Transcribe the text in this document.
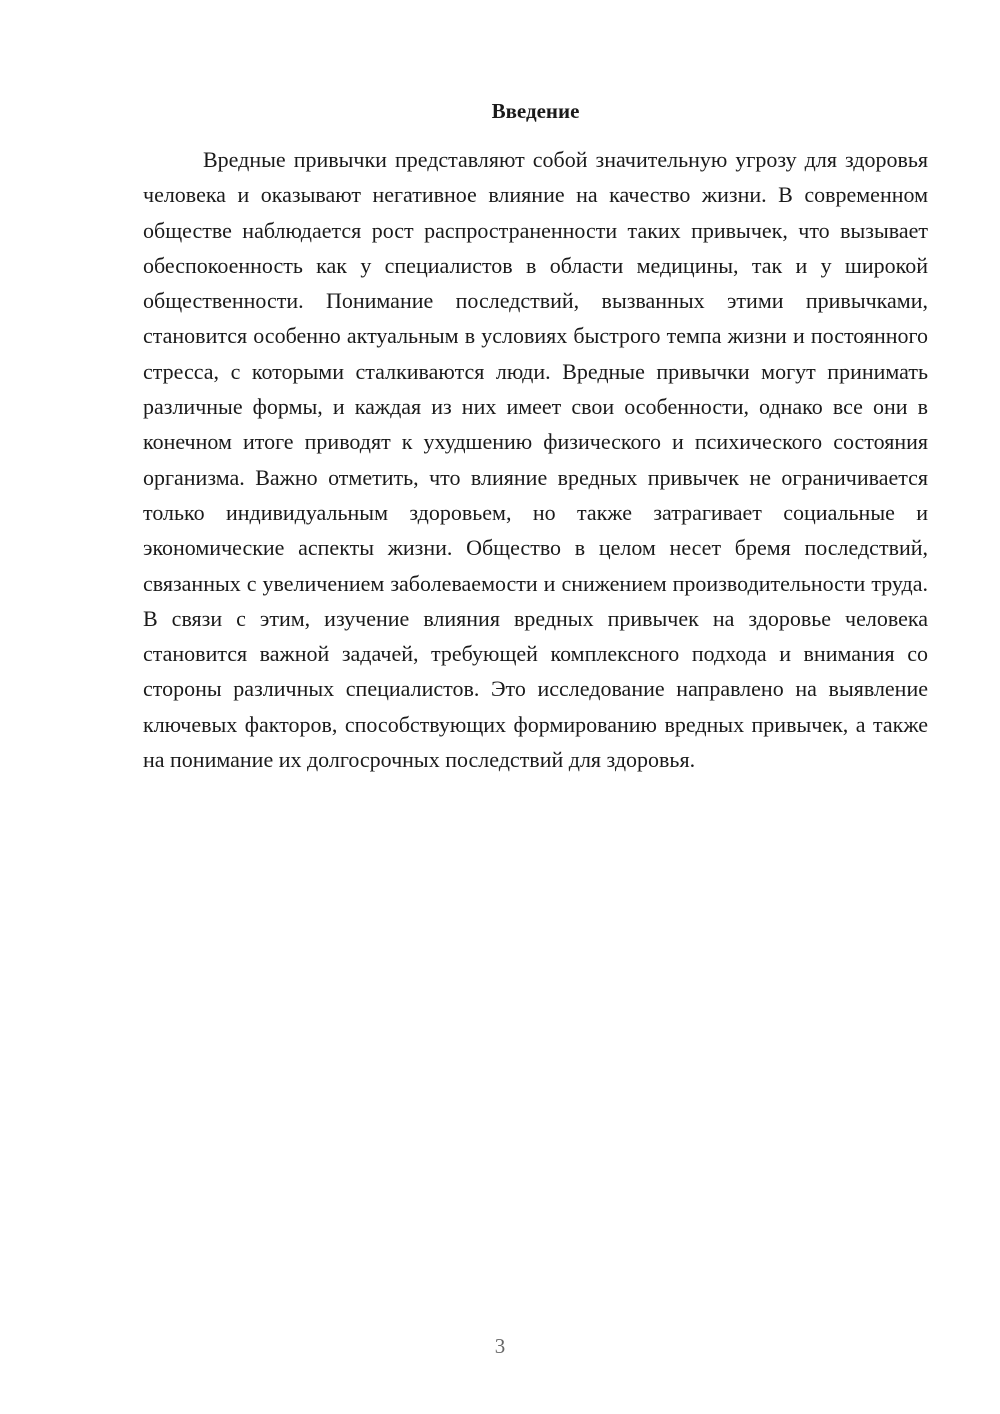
Введение

Вредные привычки представляют собой значительную угрозу для здоровья человека и оказывают негативное влияние на качество жизни. В современном обществе наблюдается рост распространенности таких привычек, что вызывает обеспокоенность как у специалистов в области медицины, так и у широкой общественности. Понимание последствий, вызванных этими привычками, становится особенно актуальным в условиях быстрого темпа жизни и постоянного стресса, с которыми сталкиваются люди. Вредные привычки могут принимать различные формы, и каждая из них имеет свои особенности, однако все они в конечном итоге приводят к ухудшению физического и психического состояния организма. Важно отметить, что влияние вредных привычек не ограничивается только индивидуальным здоровьем, но также затрагивает социальные и экономические аспекты жизни. Общество в целом несет бремя последствий, связанных с увеличением заболеваемости и снижением производительности труда. В связи с этим, изучение влияния вредных привычек на здоровье человека становится важной задачей, требующей комплексного подхода и внимания со стороны различных специалистов. Это исследование направлено на выявление ключевых факторов, способствующих формированию вредных привычек, а также на понимание их долгосрочных последствий для здоровья.

3
